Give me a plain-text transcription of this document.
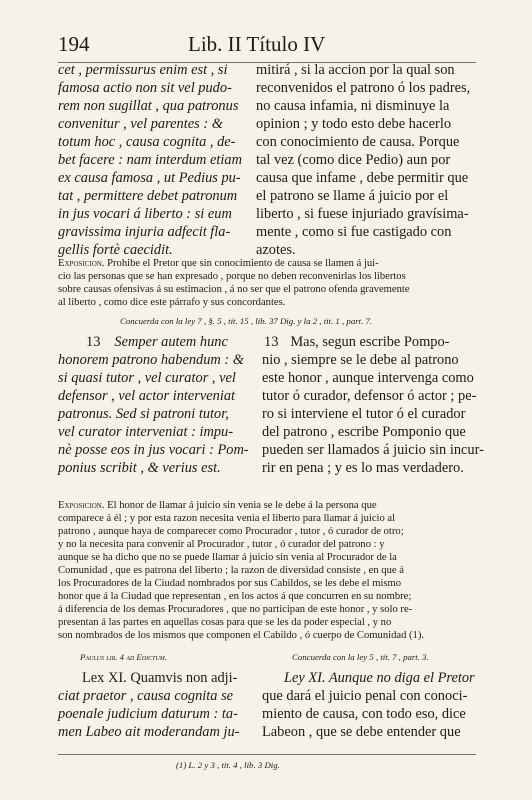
194	Lib. II Título IV
cet , permissurus enim est , si
famosa actio non sit vel pudo-
rem non sugillat , qua patronus
convenitur , vel parentes : &
totum hoc , causa cognita , de-
bet facere : nam interdum etiam
ex causa famosa , ut Pedius pu-
tat , permittere debet patronum
in jus vocari á liberto : si eum
gravissima injuria adfecit fla-
gellis fortè caecidit.
mitirá , si la accion por la qual son
reconvenidos el patrono ó los padres,
no causa infamia, ni disminuye la
opinion ; y todo esto debe hacerlo
con conocimiento de causa. Porque
tal vez (como dice Pedio) aun por
causa que infame , debe permitir que
el patrono se llame á juicio por el
liberto , si fuese injuriado gravísima-
mente , como si fue castigado con
azotes.
Exposicion. Prohibe el Pretor que sin conocimiento de causa se llamen á jui-
cio las personas que se han expresado , porque no deben reconvenirlas los libertos
sobre causas ofensivas á su estimacion , á no ser que el patrono ofenda gravemente
al liberto , como dice este párrafo y sus concordantes.
Concuerda con la ley 7 , §. 5 , tit. 15 , lib. 37 Dig. y la 2 , tit. 1 , part. 7.
13 Semper autem hunc
honorem patrono habendum : &
si quasi tutor , vel curator , vel
defensor , vel actor interveniat
patronus. Sed si patroni tutor,
vel curator interveniat : impu-
nè posse eos in jus vocari : Pom-
ponius scribit , & verius est.
13 Mas, segun escribe Pompo-
nio , siempre se le debe al patrono
este honor , aunque intervenga como
tutor ó curador, defensor ó actor ; pe-
ro si interviene el tutor ó el curador
del patrono , escribe Pomponio que
pueden ser llamados á juicio sin incur-
rir en pena ; y es lo mas verdadero.
Exposicion. El honor de llamar á juicio sin venia se le debe á la persona que
comparece á él ; y por esta razon necesita venia el liberto para llamar á juicio al
patrono , aunque haya de comparecer como Procurador , tutor , ó curador de otro;
y no la necesita para convenir al Procurador , tutor , ó curador del patrono : y
aunque se ha dicho que no se puede llamar á juicio sin venia al Procurador de la
Comunidad , que es patrona del liberto ; la razon de diversidad consiste , en que á
los Procuradores de la Ciudad nombrados por sus Cabildos, se les debe el mismo
honor que á la Ciudad que representan , en los actos á que concurren en su nombre;
á diferencia de los demas Procuradores , que no participan de este honor , y solo re-
presentan á las partes en aquellas cosas para que se les da poder especial , y no
son nombrados de los mismos que componen el Cabildo , ó cuerpo de Comunidad (1).
Paulus lib. 4 ad Edictum.	Concuerda con la ley 5 , tit. 7 , part. 3.
Lex XI. Quamvis non adji-
ciat praetor , causa cognita se
poenale judicium daturum : ta-
men Labeo ait moderandam ju-
Ley XI. Aunque no diga el Pretor
que dará el juicio penal con conoci-
miento de causa, con todo eso, dice
Labeon , que se debe entender que
(1) L. 2 y 3 , tit. 4 , lib. 3 Dig.
